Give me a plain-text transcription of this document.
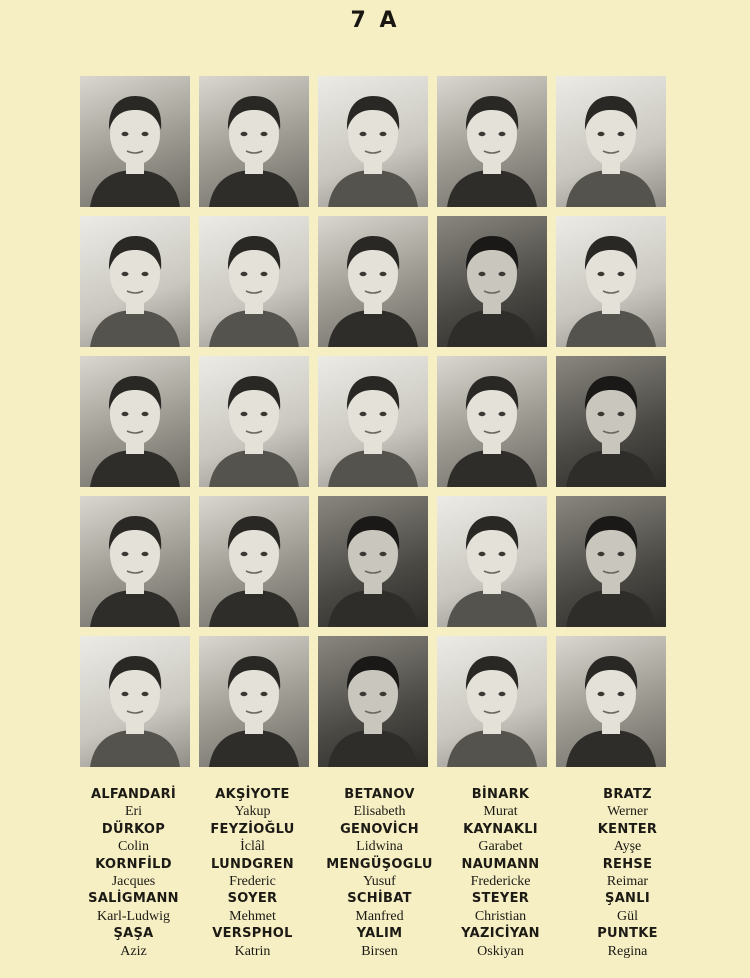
7 A
ALFANDARİ
Eri
DÜRKOP
Colin
KORNFİLD
Jacques
SALİGMANN
Karl-Ludwig
ŞAŞA
Aziz
AKŞİYOTE
Yakup
FEYZİOĞLU
İclâl
LUNDGREN
Frederic
SOYER
Mehmet
VERSPHOL
Katrin
BETANOV
Elisabeth
GENOVİCH
Lidwina
MENGÜŞOGLU
Yusuf
SCHİBAT
Manfred
YALIM
Birsen
BİNARK
Murat
KAYNAKLI
Garabet
NAUMANN
Fredericke
STEYER
Christian
YAZICİYAN
Oskiyan
BRATZ
Werner
KENTER
Ayşe
REHSE
Reimar
ŞANLI
Gül
PUNTKE
Regina
